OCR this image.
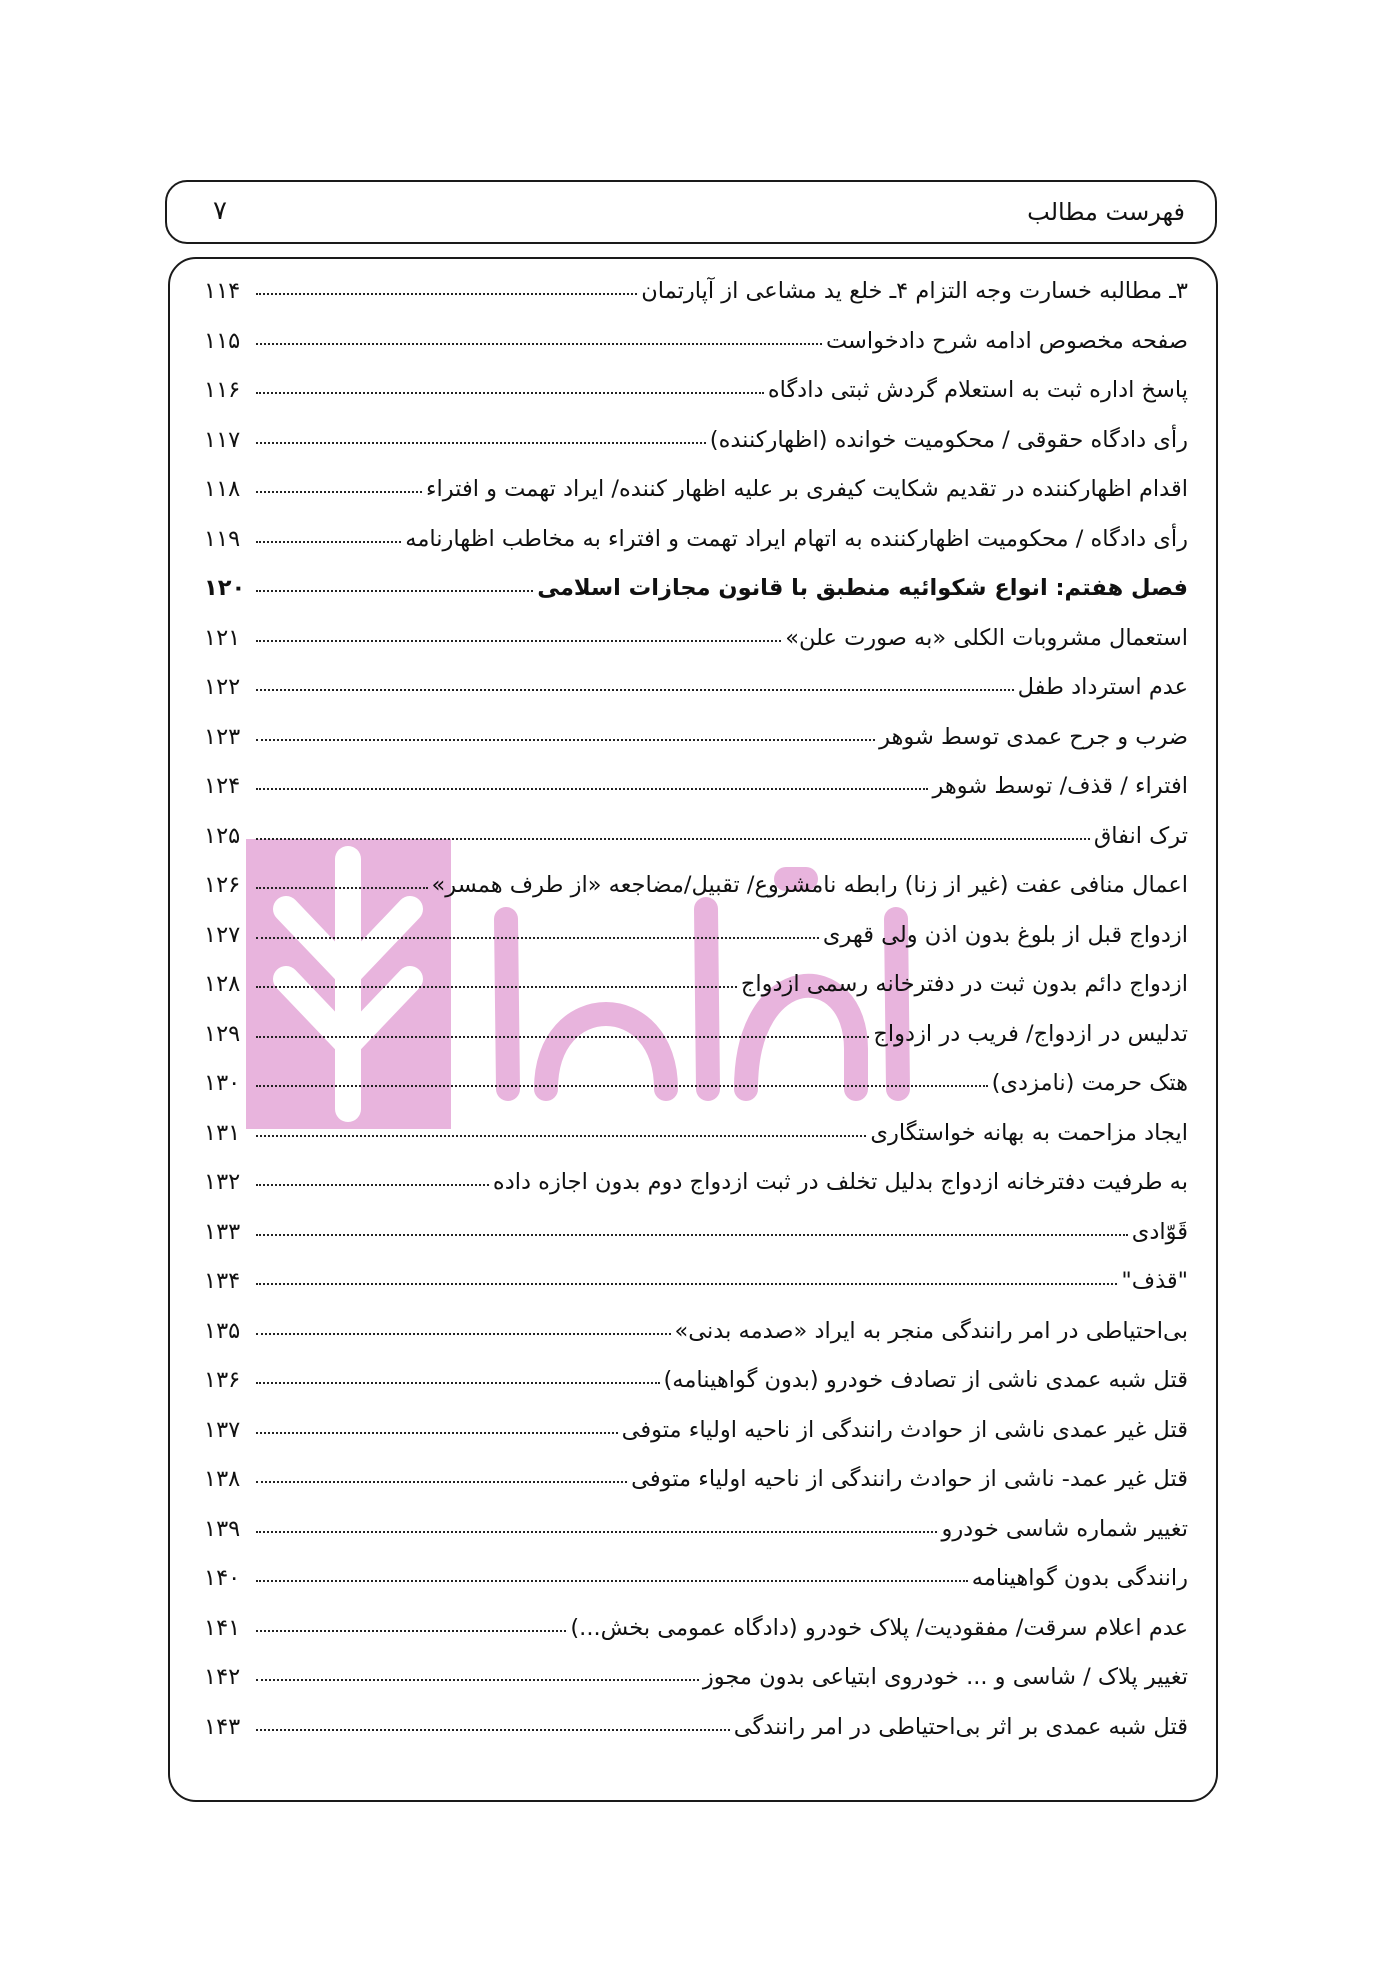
فهرست مطالب
۷
۳ـ مطالبه خسارت وجه التزام ۴ـ خلع ید مشاعی از آپارتمان
۱۱۴
صفحه مخصوص ادامه شرح دادخواست
۱۱۵
پاسخ اداره ثبت به استعلام گردش ثبتی دادگاه
۱۱۶
رأی دادگاه حقوقی / محکومیت خوانده (اظهارکننده)
۱۱۷
اقدام اظهارکننده در تقدیم شکایت کیفری بر علیه اظهار کننده/ ایراد تهمت و افتراء
۱۱۸
رأی دادگاه / محکومیت اظهارکننده به اتهام ایراد تهمت و افتراء به مخاطب اظهارنامه
۱۱۹
فصل هفتم: انواع شکوائیه منطبق با قانون مجازات اسلامی
۱۲۰
استعمال مشروبات الکلی «به صورت علن»
۱۲۱
عدم استرداد طفل
۱۲۲
ضرب و جرح عمدی توسط شوهر
۱۲۳
افتراء / قذف/ توسط شوهر
۱۲۴
ترک انفاق
۱۲۵
اعمال منافی عفت (غیر از زنا) رابطه نامشروع/ تقبیل/مضاجعه «از طرف همسر»
۱۲۶
ازدواج قبل از بلوغ بدون اذن ولی قهری
۱۲۷
ازدواج دائم بدون ثبت در دفترخانه رسمی ازدواج
۱۲۸
تدلیس در ازدواج/ فریب در ازدواج
۱۲۹
هتک حرمت (نامزدی)
۱۳۰
ایجاد مزاحمت به بهانه خواستگاری
۱۳۱
به طرفیت دفترخانه ازدواج بدلیل تخلف در ثبت ازدواج دوم بدون اجازه داده
۱۳۲
قَوّادی
۱۳۳
"قذف"
۱۳۴
بی‌احتیاطی در امر رانندگی منجر به ایراد «صدمه بدنی»
۱۳۵
قتل شبه عمدی ناشی از تصادف خودرو (بدون گواهینامه)
۱۳۶
قتل غیر عمدی ناشی از حوادث رانندگی از ناحیه اولیاء متوفی
۱۳۷
قتل غیر عمد- ناشی از حوادث رانندگی از ناحیه اولیاء متوفی
۱۳۸
تغییر شماره شاسی خودرو
۱۳۹
رانندگی بدون گواهینامه
۱۴۰
عدم اعلام سرقت/ مفقودیت/ پلاک خودرو (دادگاه عمومی بخش...)
۱۴۱
تغییر پلاک / شاسی و ... خودروی ابتیاعی بدون مجوز
۱۴۲
قتل شبه عمدی بر اثر بی‌احتیاطی در امر رانندگی
۱۴۳
